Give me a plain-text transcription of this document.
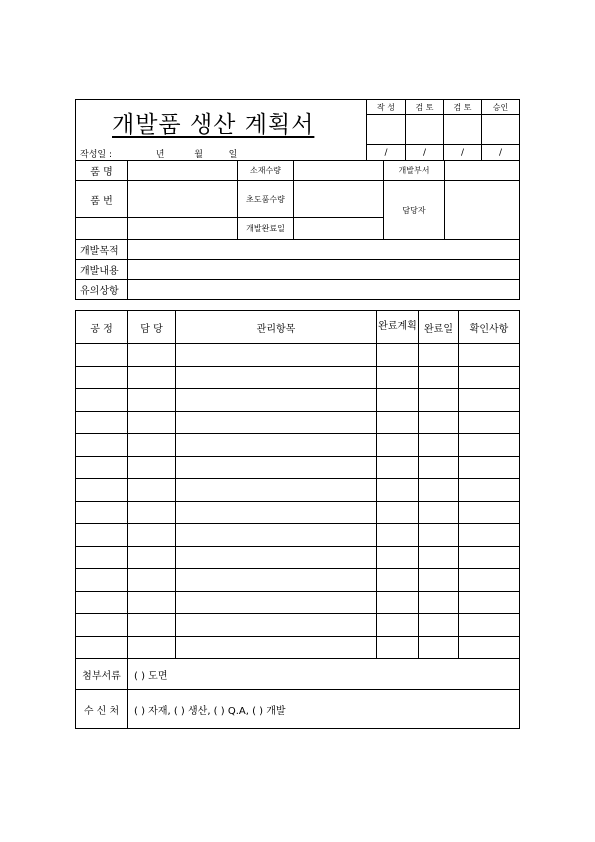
개발품 생산 계획서
작성일 : 년 월 일	작 성	검 토	검 토	승인

	/	/	/	/
품 명		소재수량		개발부서	
품 번		초도품수량		담당자	
		개발완료일			
개발목적					
개발내용					
유의상항					
공 정	담 당	관리항목	완료계획	완료일	확인사항

첨부서류	( ) 도면				
수 신 처	( ) 자재, ( ) 생산, ( ) Q.A, ( ) 개발				
